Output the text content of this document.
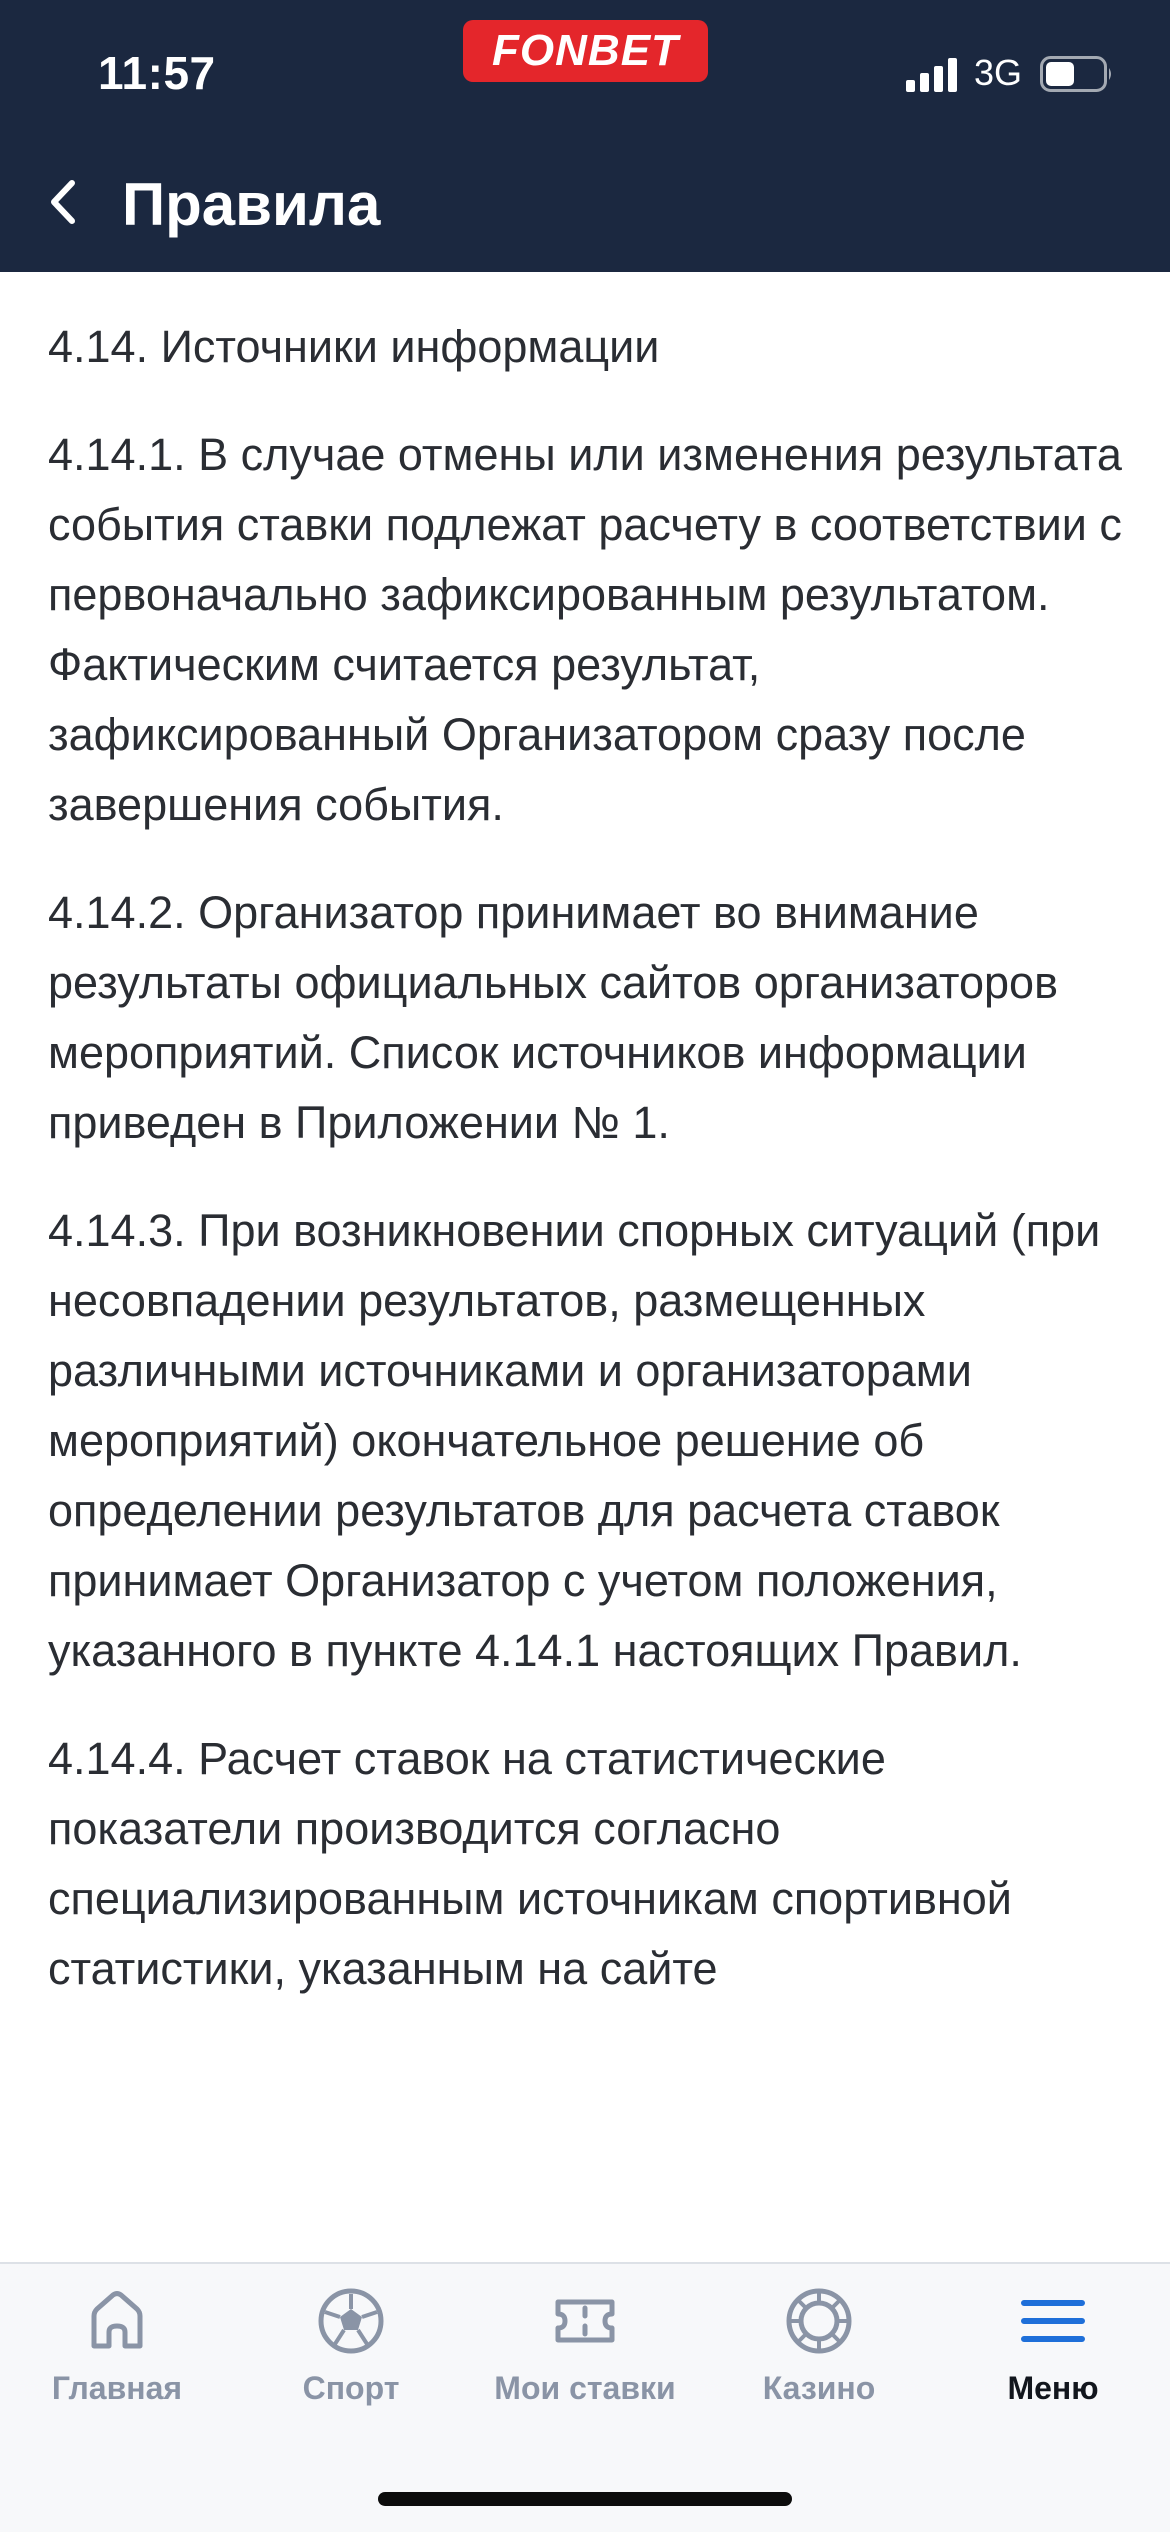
11:57	FONBET	3G
Правила

4.14. Источники информации

4.14.1. В случае отмены или изменения результата события ставки подлежат расчету в соответствии с первоначально зафиксированным результатом. Фактическим считается результат, зафиксированный Организатором сразу после завершения события.

4.14.2. Организатор принимает во внимание результаты официальных сайтов организаторов мероприятий. Список источников информации приведен в Приложении № 1.

4.14.3. При возникновении спорных ситуаций (при несовпадении результатов, размещенных различными источниками и организаторами мероприятий) окончательное решение об определении результатов для расчета ставок принимает Организатор с учетом положения, указанного в пункте 4.14.1 настоящих Правил.

4.14.4. Расчет ставок на статистические показатели производится согласно специализированным источникам спортивной статистики, указанным на сайте

Главная	Спорт	Мои ставки	Казино	Меню
